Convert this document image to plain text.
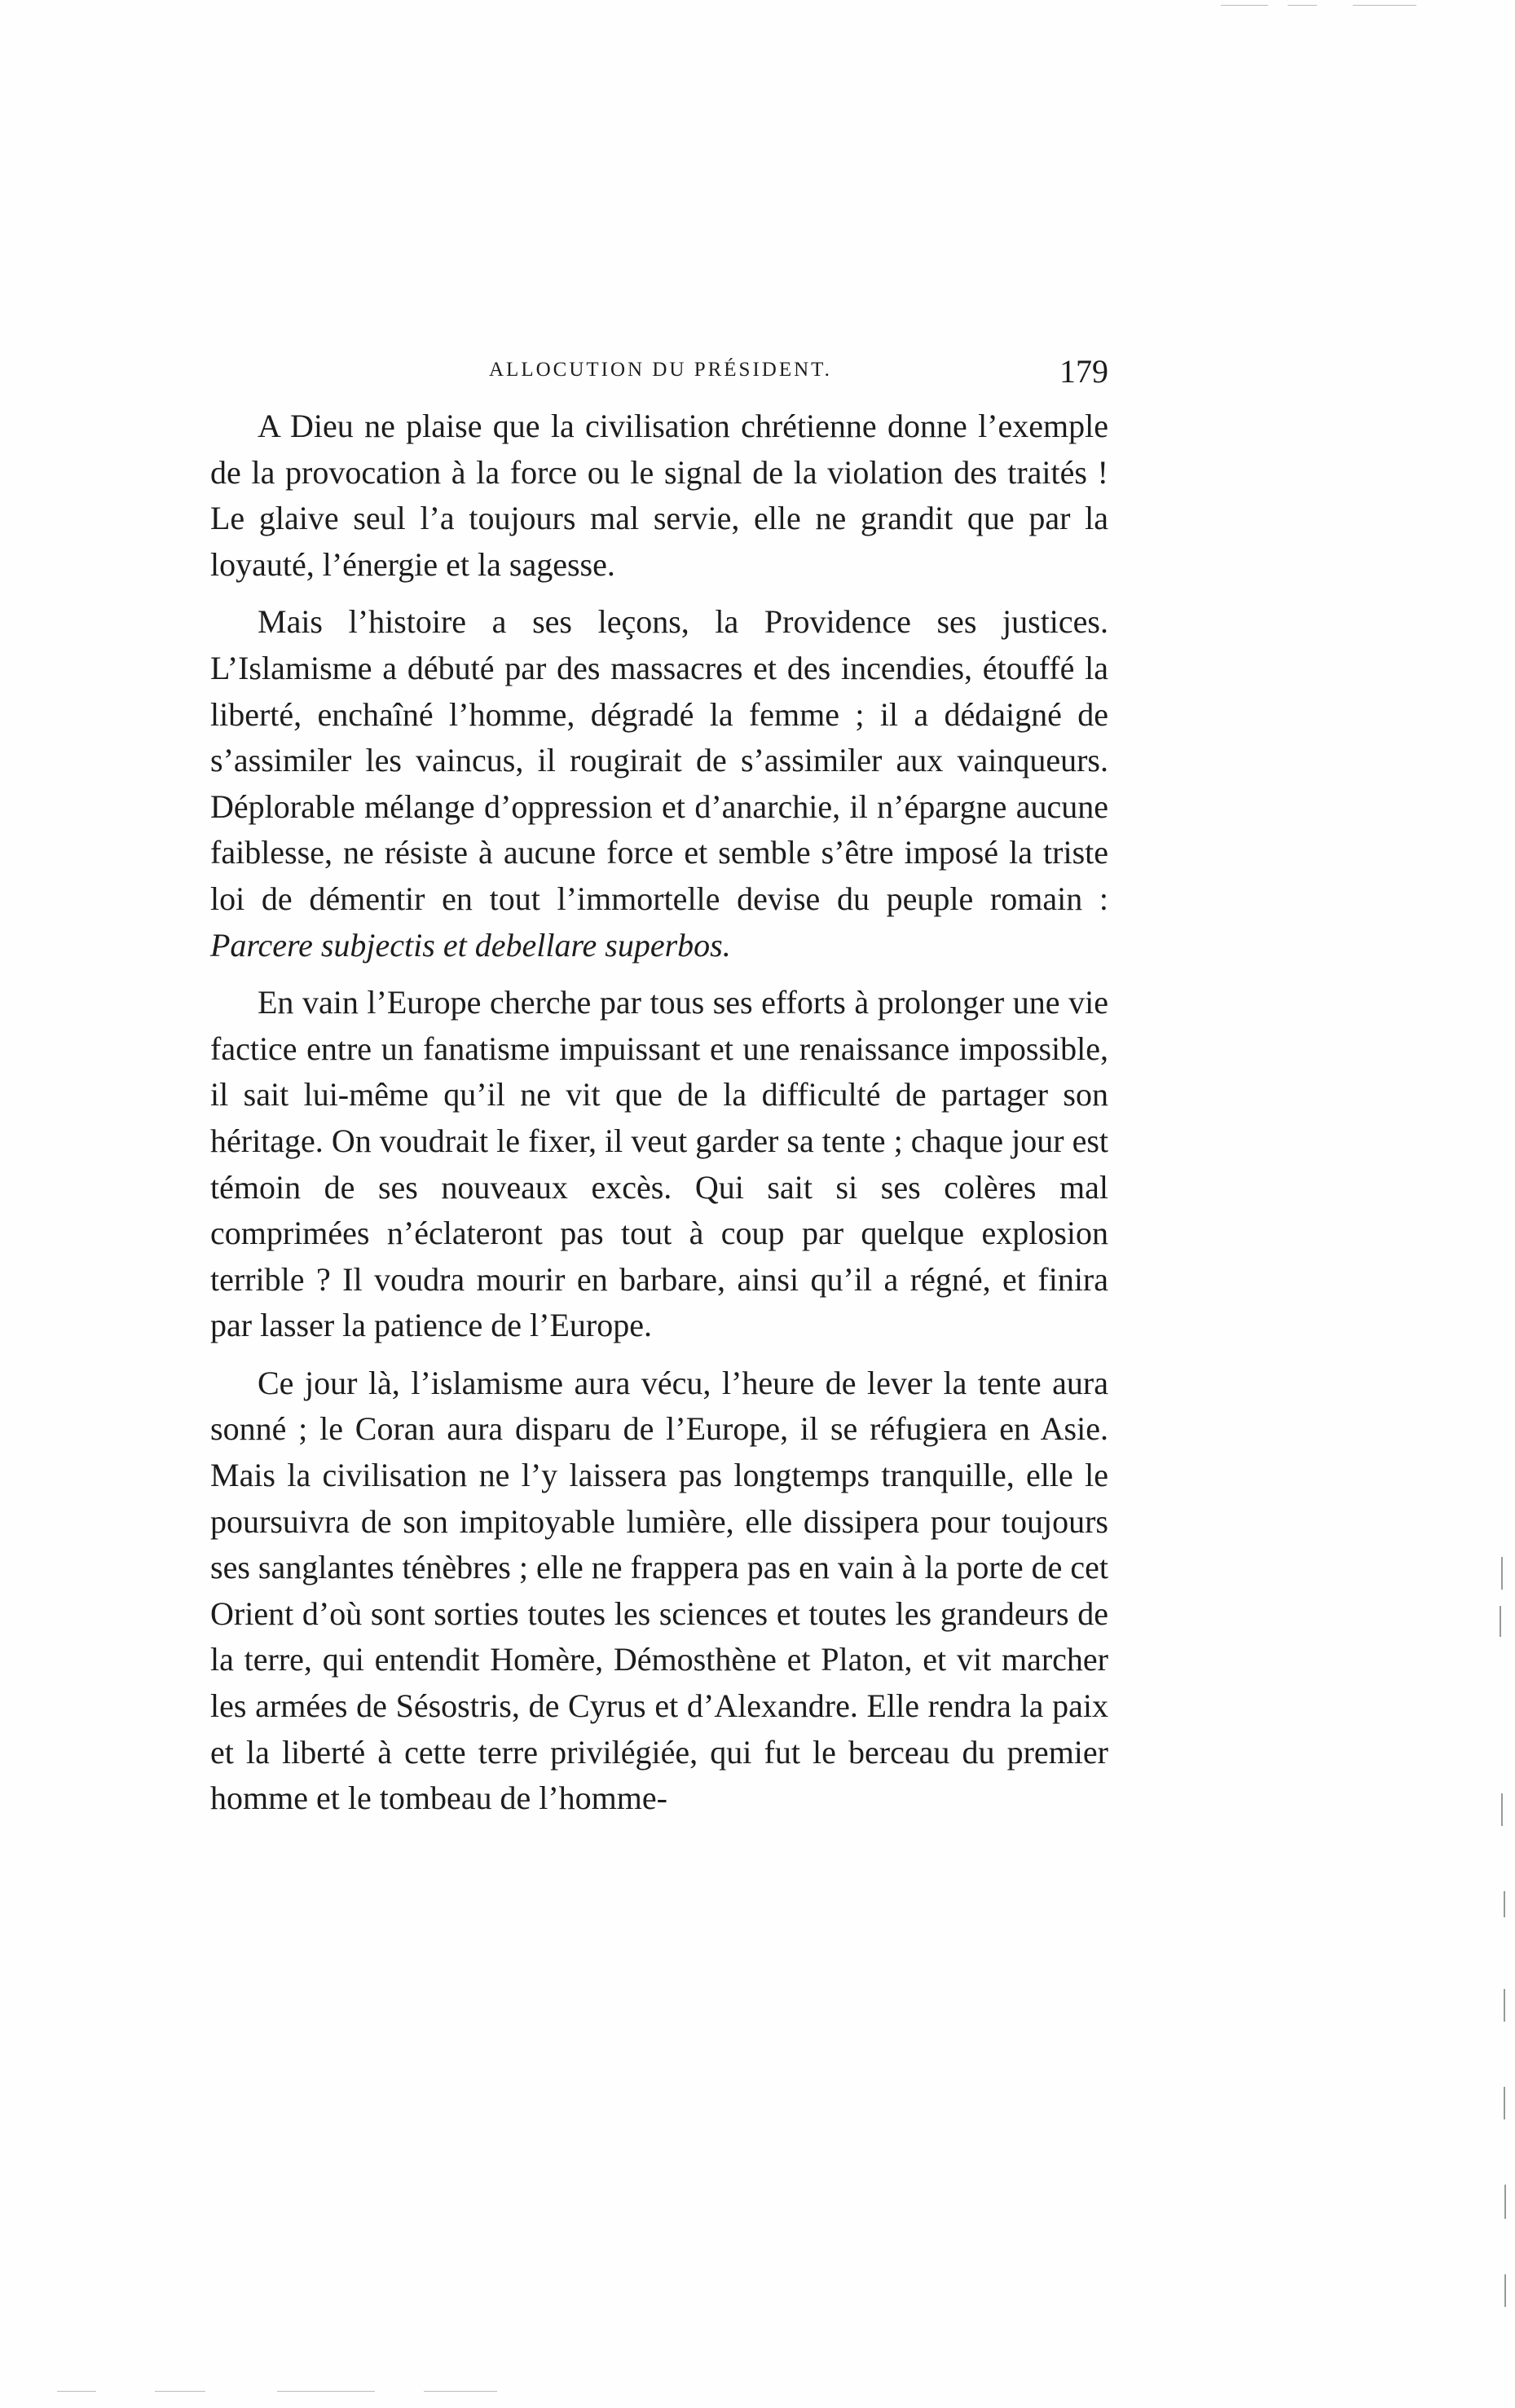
ALLOCUTION DU PRÉSIDENT.	179

A Dieu ne plaise que la civilisation chrétienne donne l’exemple de la provocation à la force ou le signal de la violation des traités ! Le glaive seul l’a toujours mal servie, elle ne grandit que par la loyauté, l’énergie et la sagesse.

Mais l’histoire a ses leçons, la Providence ses justices. L’Islamisme a débuté par des massacres et des incendies, étouffé la liberté, enchaîné l’homme, dégradé la femme ; il a dédaigné de s’assimiler les vaincus, il rougirait de s’assimiler aux vainqueurs. Déplorable mélange d’oppression et d’anarchie, il n’épargne aucune faiblesse, ne résiste à aucune force et semble s’être imposé la triste loi de démentir en tout l’immortelle devise du peuple romain : Parcere subjectis et debellare superbos.

En vain l’Europe cherche par tous ses efforts à prolonger une vie factice entre un fanatisme impuissant et une renaissance impossible, il sait lui-même qu’il ne vit que de la difficulté de partager son héritage. On voudrait le fixer, il veut garder sa tente ; chaque jour est témoin de ses nouveaux excès. Qui sait si ses colères mal comprimées n’éclateront pas tout à coup par quelque explosion terrible ? Il voudra mourir en barbare, ainsi qu’il a régné, et finira par lasser la patience de l’Europe.

Ce jour là, l’islamisme aura vécu, l’heure de lever la tente aura sonné ; le Coran aura disparu de l’Europe, il se réfugiera en Asie. Mais la civilisation ne l’y laissera pas longtemps tranquille, elle le poursuivra de son impitoyable lumière, elle dissipera pour toujours ses sanglantes ténèbres ; elle ne frappera pas en vain à la porte de cet Orient d’où sont sorties toutes les sciences et toutes les grandeurs de la terre, qui entendit Homère, Démosthène et Platon, et vit marcher les armées de Sésostris, de Cyrus et d’Alexandre. Elle rendra la paix et la liberté à cette terre privilégiée, qui fut le berceau du premier homme et le tombeau de l’homme-
